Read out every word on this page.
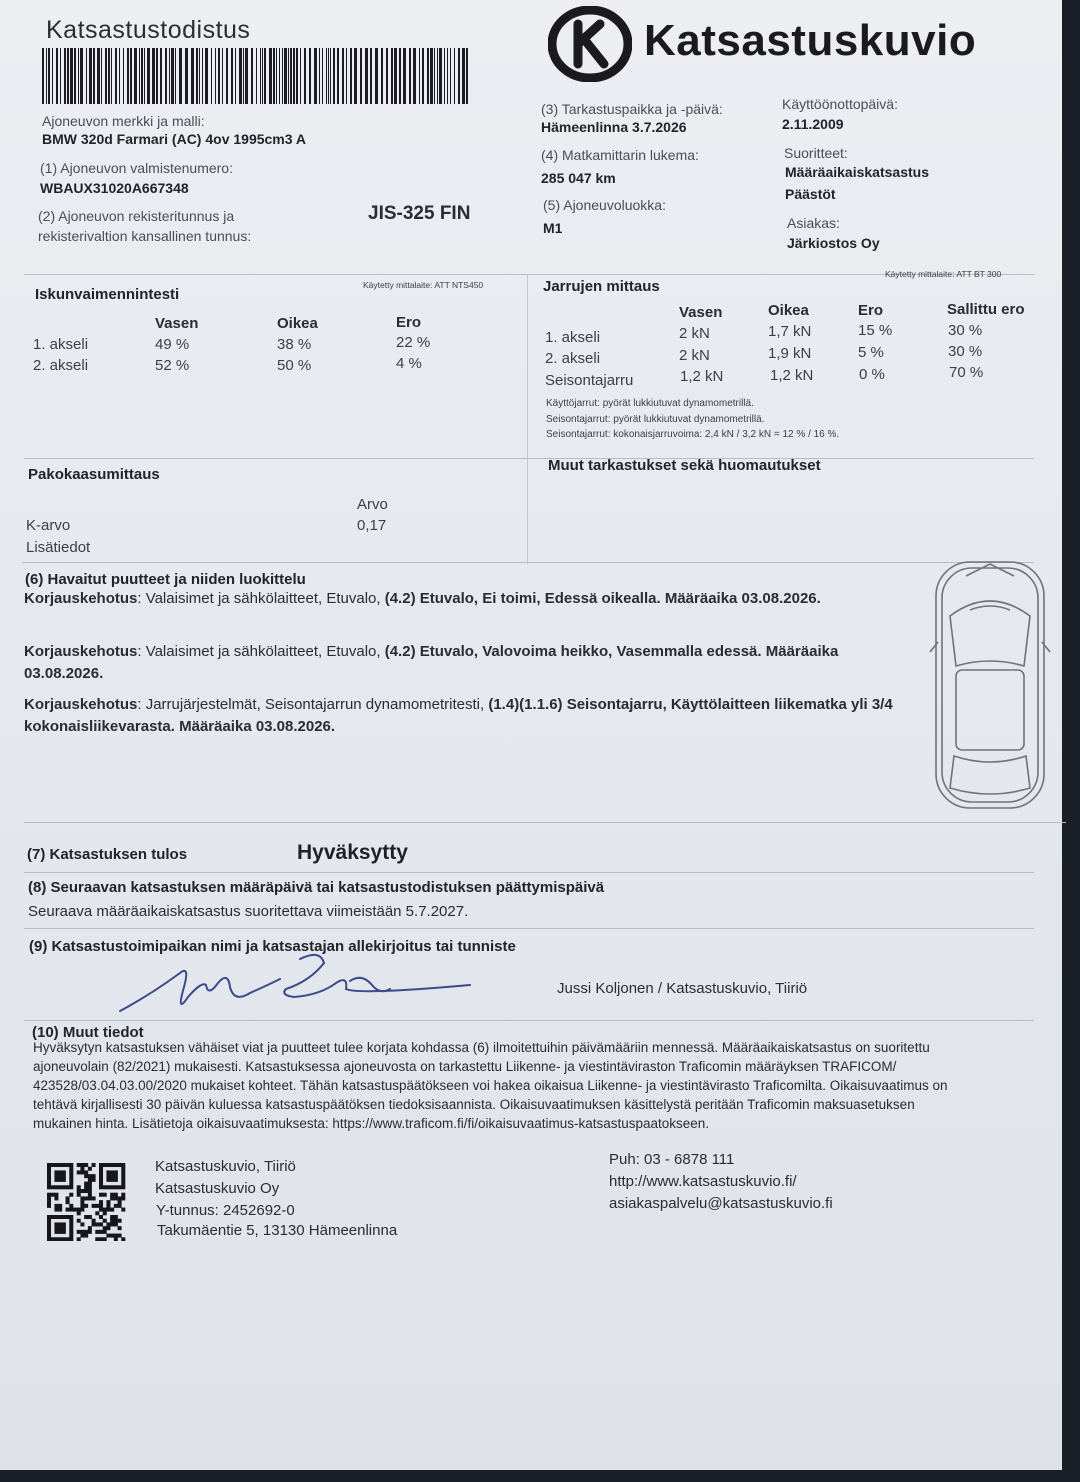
Katsastustodistus	Katsastuskuvio
Ajoneuvon merkki ja malli:
BMW 320d Farmari (AC) 4ov 1995cm3 A
(1) Ajoneuvon valmistenumero:
WBAUX31020A667348
(2) Ajoneuvon rekisteritunnus ja
rekisterivaltion kansallinen tunnus:
JIS-325 FIN
(3) Tarkastuspaikka ja -päivä:
Hämeenlinna 3.7.2026
(4) Matkamittarin lukema:
285 047 km
(5) Ajoneuvoluokka:
M1
Käyttöönottopäivä:
2.11.2009
Suoritteet:
Määräaikaiskatsastus
Päästöt
Asiakas:
Järkiostos Oy
Iskunvaimennintesti
Käytetty mittalaite: ATT NTS450
Vasen	Oikea	Ero
1. akseli	49 %	38 %	22 %
2. akseli	52 %	50 %	4 %
Jarrujen mittaus
Käytetty mittalaite: ATT BT 300
Vasen	Oikea	Ero	Sallittu ero
1. akseli	2 kN	1,7 kN	15 %	30 %
2. akseli	2 kN	1,9 kN	5 %	30 %
Seisontajarru	1,2 kN	1,2 kN	0 %	70 %
Käyttöjarrut: pyörät lukkiutuvat dynamometrillä.
Seisontajarrut: pyörät lukkiutuvat dynamometrillä.
Seisontajarrut: kokonaisjarruvoima: 2,4 kN / 3,2 kN = 12 % / 16 %.
Pakokaasumittaus
Arvo
K-arvo	0,17
Lisätiedot
Muut tarkastukset sekä huomautukset
(6) Havaitut puutteet ja niiden luokittelu
Korjauskehotus: Valaisimet ja sähkölaitteet, Etuvalo, (4.2) Etuvalo, Ei toimi, Edessä oikealla. Määräaika 03.08.2026.
Korjauskehotus: Valaisimet ja sähkölaitteet, Etuvalo, (4.2) Etuvalo, Valovoima heikko, Vasemmalla edessä. Määräaika 03.08.2026.
Korjauskehotus: Jarrujärjestelmät, Seisontajarrun dynamometritesti, (1.4)(1.1.6) Seisontajarru, Käyttölaitteen liikematka yli 3/4 kokonaisliikevarasta. Määräaika 03.08.2026.
(7) Katsastuksen tulos	Hyväksytty
(8) Seuraavan katsastuksen määräpäivä tai katsastustodistuksen päättymispäivä
Seuraava määräaikaiskatsastus suoritettava viimeistään 5.7.2027.
(9) Katsastustoimipaikan nimi ja katsastajan allekirjoitus tai tunniste
Jussi Koljonen / Katsastuskuvio, Tiiriö
(10) Muut tiedot
Hyväksytyn katsastuksen vähäiset viat ja puutteet tulee korjata kohdassa (6) ilmoitettuihin päivämääriin mennessä. Määräaikaiskatsastus on suoritettu
ajoneuvolain (82/2021) mukaisesti. Katsastuksessa ajoneuvosta on tarkastettu Liikenne- ja viestintäviraston Traficomin määräyksen TRAFICOM/
423528/03.04.03.00/2020 mukaiset kohteet. Tähän katsastuspäätökseen voi hakea oikaisua Liikenne- ja viestintävirasto Traficomilta. Oikaisuvaatimus on
tehtävä kirjallisesti 30 päivän kuluessa katsastuspäätöksen tiedoksisaannista. Oikaisuvaatimuksen käsittelystä peritään Traficomin maksuasetuksen
mukainen hinta. Lisätietoja oikaisuvaatimuksesta: https://www.traficom.fi/fi/oikaisuvaatimus-katsastuspaatokseen.
Katsastuskuvio, Tiiriö
Katsastuskuvio Oy
Y-tunnus: 2452692-0
Takumäentie 5, 13130 Hämeenlinna
Puh: 03 - 6878 111
http://www.katsastuskuvio.fi/
asiakaspalvelu@katsastuskuvio.fi
